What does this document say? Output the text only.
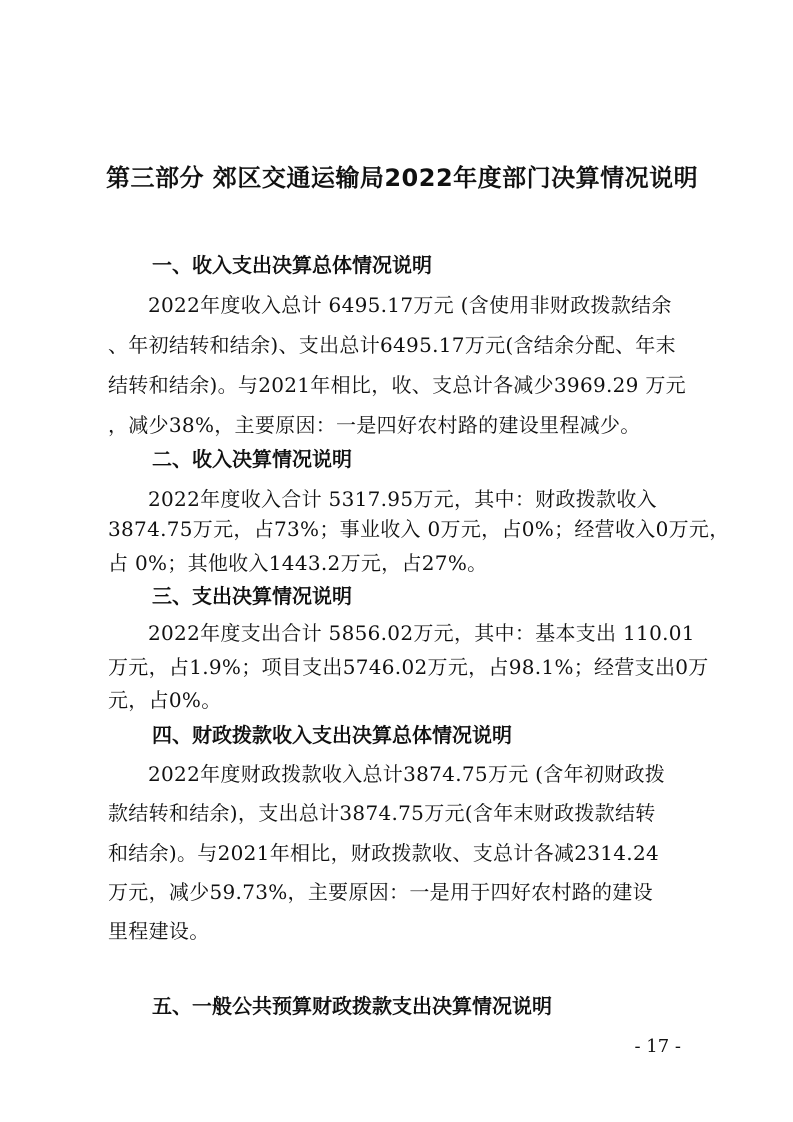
第三部分 郊区交通运输局2022年度部门决算情况说明
一、收入支出决算总体情况说明
2022年度收入总计 6495.17万元 (含使用非财政拨款结余
、年初结转和结余)、支出总计6495.17万元(含结余分配、年末
结转和结余)。与2021年相比，收、支总计各减少3969.29 万元
，减少38%，主要原因：一是四好农村路的建设里程减少。
二、收入决算情况说明
2022年度收入合计 5317.95万元，其中：财政拨款收入
3874.75万元，占73%；事业收入 0万元，占0%；经营收入0万元，
占 0%；其他收入1443.2万元，占27%。
三、支出决算情况说明
2022年度支出合计 5856.02万元，其中：基本支出 110.01
万元，占1.9%；项目支出5746.02万元，占98.1%；经营支出0万
元，占0%。
四、财政拨款收入支出决算总体情况说明
2022年度财政拨款收入总计3874.75万元 (含年初财政拨
款结转和结余)，支出总计3874.75万元(含年末财政拨款结转
和结余)。与2021年相比，财政拨款收、支总计各减2314.24
万元，减少59.73%，主要原因：一是用于四好农村路的建设
里程建设。
五、一般公共预算财政拨款支出决算情况说明
- 17 -
